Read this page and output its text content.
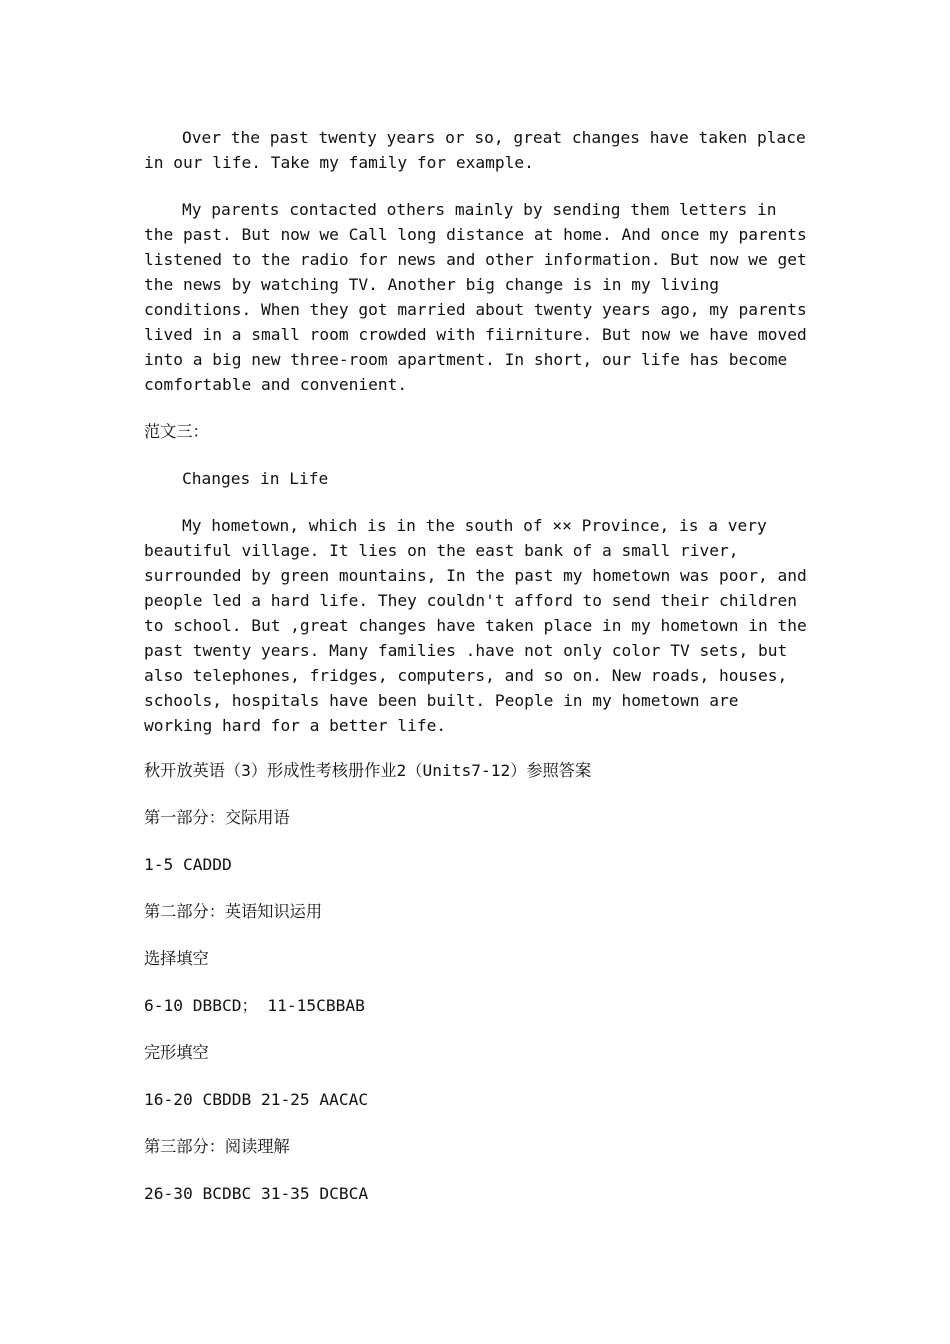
Over the past twenty years or so, great changes have taken place in our life. Take my family for example.

My parents contacted others mainly by sending them letters in the past. But now we Call long distance at home. And once my parents listened to the radio for news and other information. But now we get the news by watching TV. Another big change is in my living conditions. When they got married about twenty years ago, my parents lived in a small room crowded with fiirniture. But now we have moved into a big new three-room apartment. In short, our life has become comfortable and convenient.

范文三：

Changes in Life

My hometown, which is in the south of ×× Province, is a very beautiful village. It lies on the east bank of a small river, surrounded by green mountains, In the past my hometown was poor, and people led a hard life. They couldn't afford to send their children to school. But ,great changes have taken place in my hometown in the past twenty years. Many families .have not only color TV sets, but also telephones, fridges, computers, and so on. New roads, houses, schools, hospitals have been built. People in my hometown are working hard for a better life.

秋开放英语（3）形成性考核册作业2（Units7-12）参照答案

第一部分：交际用语

1-5 CADDD

第二部分：英语知识运用

选择填空

6-10 DBBCD； 11-15CBBAB

完形填空

16-20 CBDDB 21-25 AACAC

第三部分：阅读理解

26-30 BCDBC 31-35 DCBCA
